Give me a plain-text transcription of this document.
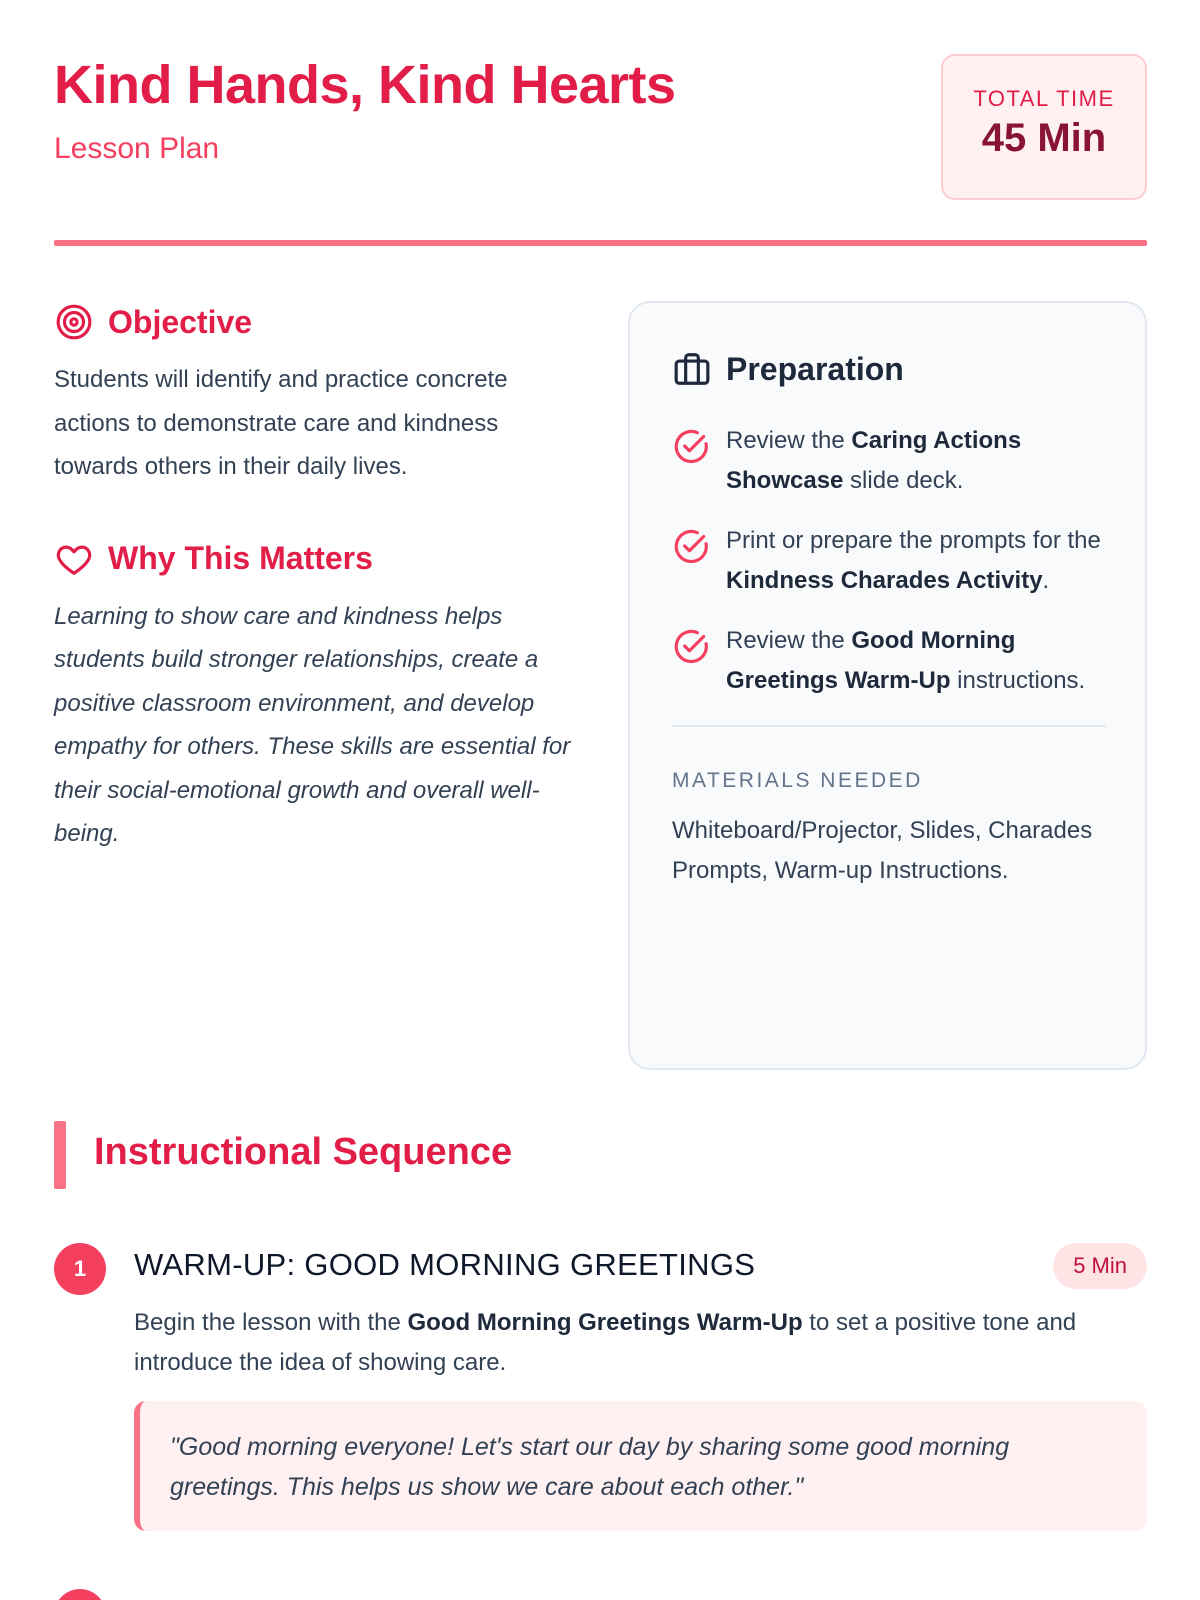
Kind Hands, Kind Hearts
Lesson Plan
TOTAL TIME
45 Min
Objective

Students will identify and practice concrete actions to demonstrate care and kindness towards others in their daily lives.

Why This Matters

Learning to show care and kindness helps students build stronger relationships, create a positive classroom environment, and develop empathy for others. These skills are essential for their social-emotional growth and overall well-being.

Preparation
Review the Caring Actions Showcase slide deck.
Print or prepare the prompts for the Kindness Charades Activity.
Review the Good Morning Greetings Warm-Up instructions.
MATERIALS NEEDED
Whiteboard/Projector, Slides, Charades Prompts, Warm-up Instructions.
Instructional Sequence
1	WARM-UP: GOOD MORNING GREETINGS	5 Min

Begin the lesson with the Good Morning Greetings Warm-Up to set a positive tone and introduce the idea of showing care.

"Good morning everyone! Let's start our day by sharing some good morning greetings. This helps us show we care about each other."
